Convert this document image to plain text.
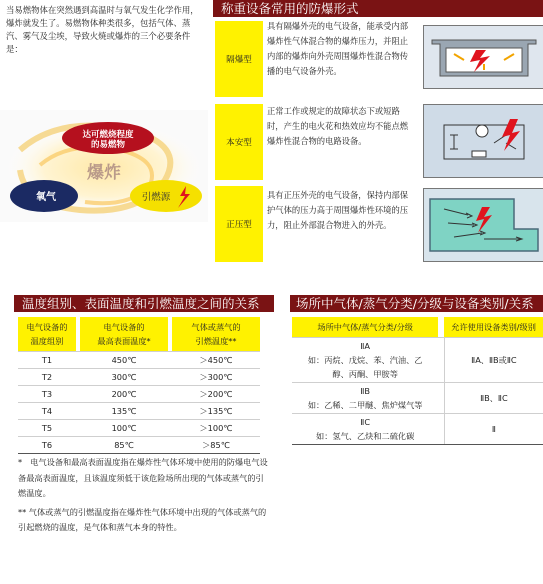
当易燃物体在突然遇到高温时与氧气发生化学作用，爆炸就发生了。易燃物体种类很多，包括气体、蒸汽、雾气及尘埃，导致火焼或爆炸的三个必要条件是：
达可燃烧程度
的易燃物
爆炸
氧气	引燃源
称重设备常用的防爆形式
隔爆型
具有隔爆外壳的电气设备，能承受内部爆炸性气体混合物的爆炸压力，并阻止内部的爆炸向外壳周围爆炸性混合物传播的电气设备外壳。
本安型
正常工作或规定的故障状态下或短路时，产生的电火花和热效应均不能点燃爆炸性混合物的电路设备。
正压型
具有正压外壳的电气设备，保持内部保护气体的压力高于周围爆炸性环境的压力，阻止外部混合物进入的外壳。
温度组别、表面温度和引燃温度之间的关系
电气设备的
温度组别		电气设备的
最高表面温度*		气体或蒸气的
引燃温度**
T1		450℃		＞450℃
T2		300℃		＞300℃
T3		200℃		＞200℃
T4		135℃		＞135℃
T5		100℃		＞100℃
T6		85℃		＞85℃
*　电气设备和最高表面温度指在爆炸性气体环境中使用的防爆电气设备最高表面温度，且该温度须低于该危险场所出现的气体或蒸气的引燃温度。
** 气体或蒸气的引燃温度指在爆炸性气体环境中出现的气体或蒸气的引起燃烧的温度，是气体和蒸气本身的特性。
场所中气体/蒸气分类/分级与设备类别/关系
场所中气体/蒸气分类/分级		允许使用设备类别/级别
ⅡA
如：丙烷、戊烷、苯、汽油、乙
醇、丙酮、甲胺等		ⅡA、ⅡB或ⅡC
ⅡB
如：乙稀、二甲醚、焦炉煤气等		ⅡB、ⅡC
ⅡC
如：氢气、乙炔和二硫化碳		Ⅱ
